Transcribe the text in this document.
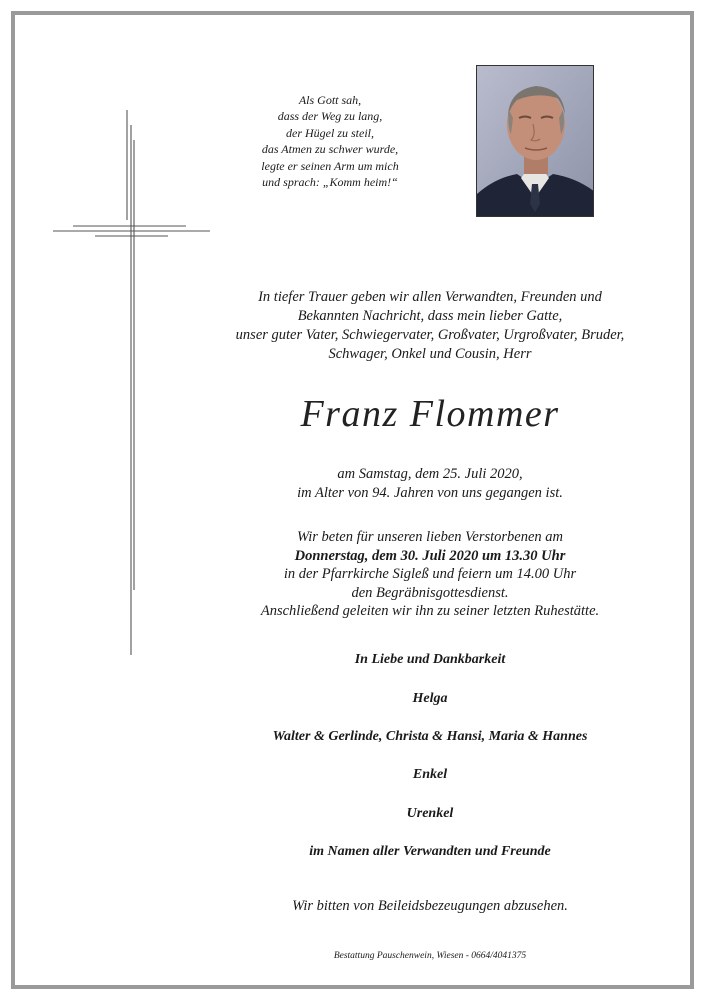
Als Gott sah,
dass der Weg zu lang,
der Hügel zu steil,
das Atmen zu schwer wurde,
legte er seinen Arm um mich
und sprach: „Komm heim!“
In tiefer Trauer geben wir allen Verwandten, Freunden und
Bekannten Nachricht, dass mein lieber Gatte,
unser guter Vater, Schwiegervater, Großvater, Urgroßvater, Bruder,
Schwager, Onkel und Cousin, Herr
Franz Flommer
am Samstag, dem 25. Juli 2020,
im Alter von 94. Jahren von uns gegangen ist.
Wir beten für unseren lieben Verstorbenen am
Donnerstag, dem 30. Juli 2020 um 13.30 Uhr
in der Pfarrkirche Sigleß und feiern um 14.00 Uhr
den Begräbnisgottesdienst.
Anschließend geleiten wir ihn zu seiner letzten Ruhestätte.
In Liebe und Dankbarkeit
Helga
Walter & Gerlinde, Christa & Hansi, Maria & Hannes
Enkel
Urenkel
im Namen aller Verwandten und Freunde
Wir bitten von Beileidsbezeugungen abzusehen.
Bestattung Pauschenwein, Wiesen - 0664/4041375
